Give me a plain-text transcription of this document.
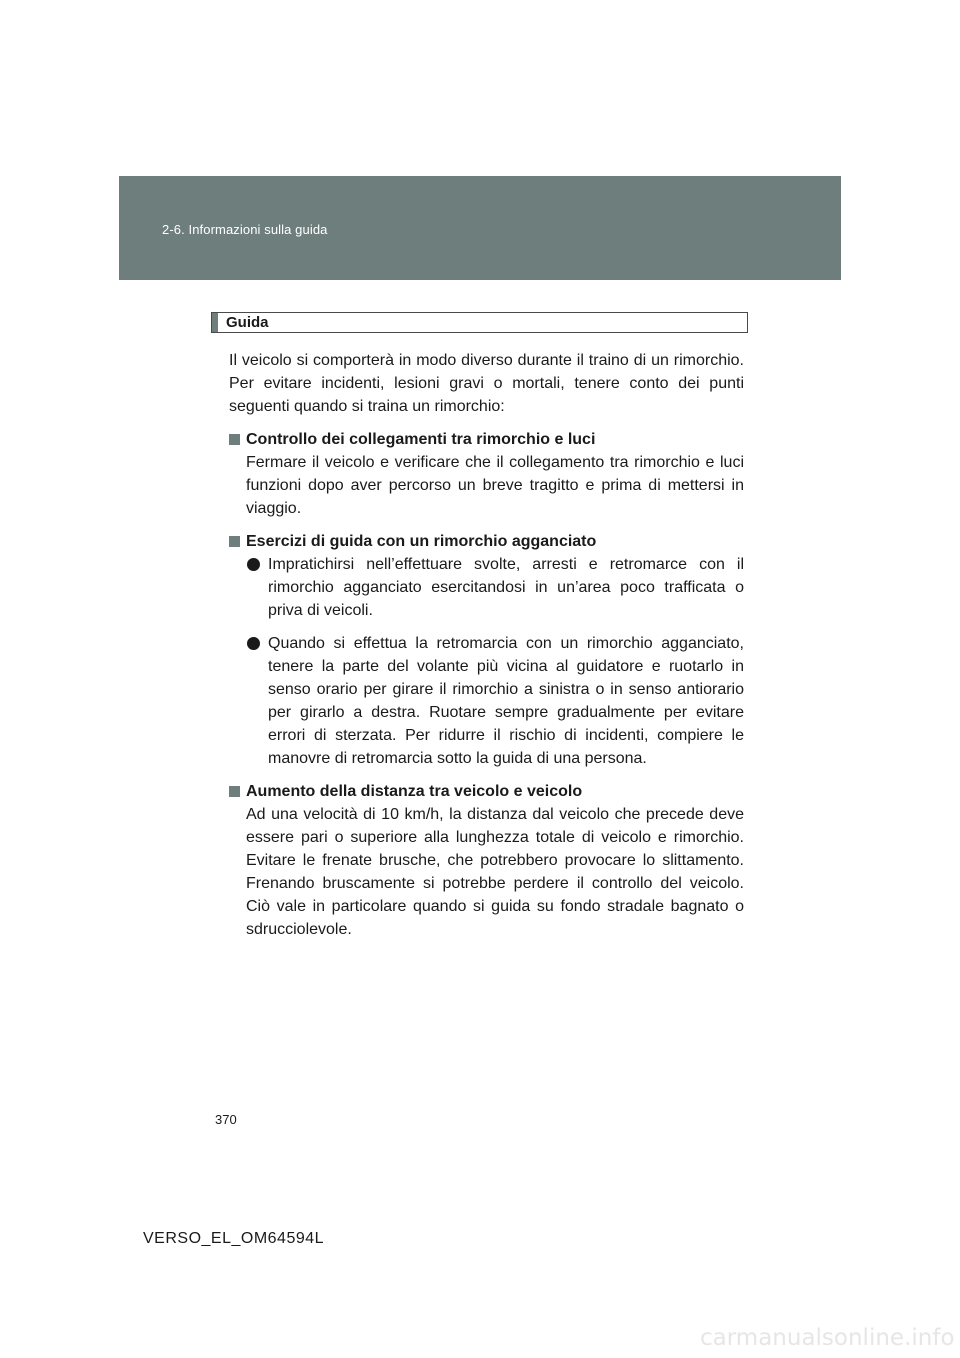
2-6. Informazioni sulla guida
Guida

Il veicolo si comporterà in modo diverso durante il traino di un rimorchio. Per evitare incidenti, lesioni gravi o mortali, tenere conto dei punti seguenti quando si traina un rimorchio:

Controllo dei collegamenti tra rimorchio e luci
Fermare il veicolo e verificare che il collegamento tra rimorchio e luci funzioni dopo aver percorso un breve tragitto e prima di mettersi in viaggio.
Esercizi di guida con un rimorchio agganciato
Impratichirsi nell’effettuare svolte, arresti e retromarce con il rimorchio agganciato esercitandosi in un’area poco trafficata o priva di veicoli.
Quando si effettua la retromarcia con un rimorchio agganciato, tenere la parte del volante più vicina al guidatore e ruotarlo in senso orario per girare il rimorchio a sinistra o in senso antiorario per girarlo a destra. Ruotare sempre gradualmente per evitare errori di sterzata. Per ridurre il rischio di incidenti, compiere le manovre di retromarcia sotto la guida di una persona.
Aumento della distanza tra veicolo e veicolo
Ad una velocità di 10 km/h, la distanza dal veicolo che precede deve essere pari o superiore alla lunghezza totale di veicolo e rimorchio. Evitare le frenate brusche, che potrebbero provocare lo slittamento. Frenando bruscamente si potrebbe perdere il controllo del veicolo. Ciò vale in particolare quando si guida su fondo stradale bagnato o sdrucciolevole.
370
VERSO_EL_OM64594L
carmanualsonline.info
